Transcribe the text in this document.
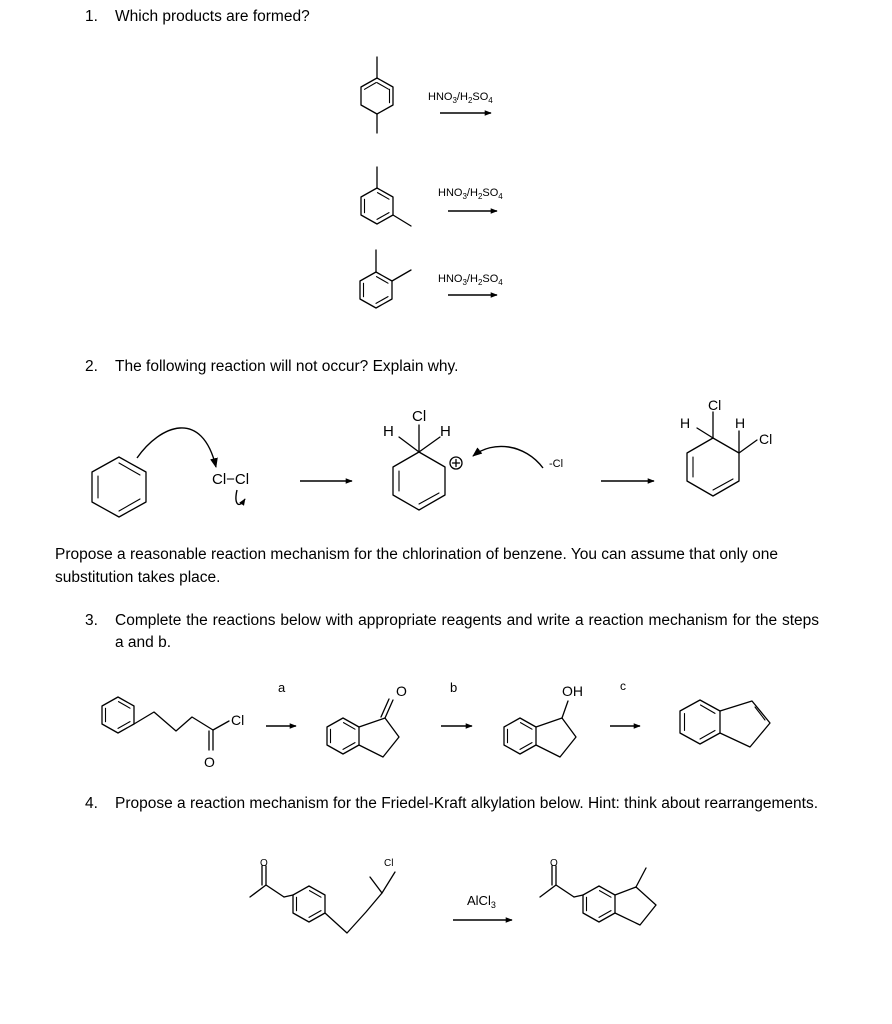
1. Which products are formed?
2. The following reaction will not occur? Explain why.
Propose a reasonable reaction mechanism for the chlorination of benzene. You can assume that only one substitution takes place.
3. Complete the reactions below with appropriate reagents and write a reaction mechanism for the steps a and b.
4. Propose a reaction mechanism for the Friedel-Kraft alkylation below. Hint: think about rearrangements.
$HNO_3/H_2SO_4$
$HNO_3/H_2SO_4$
$HNO_3/H_2SO_4$
Cl−Cl
Cl
H	H
-Cl
Cl
H	H
Cl
Cl
O
a	O	b	OH	c
O	Cl
AlCl$_3$
O
